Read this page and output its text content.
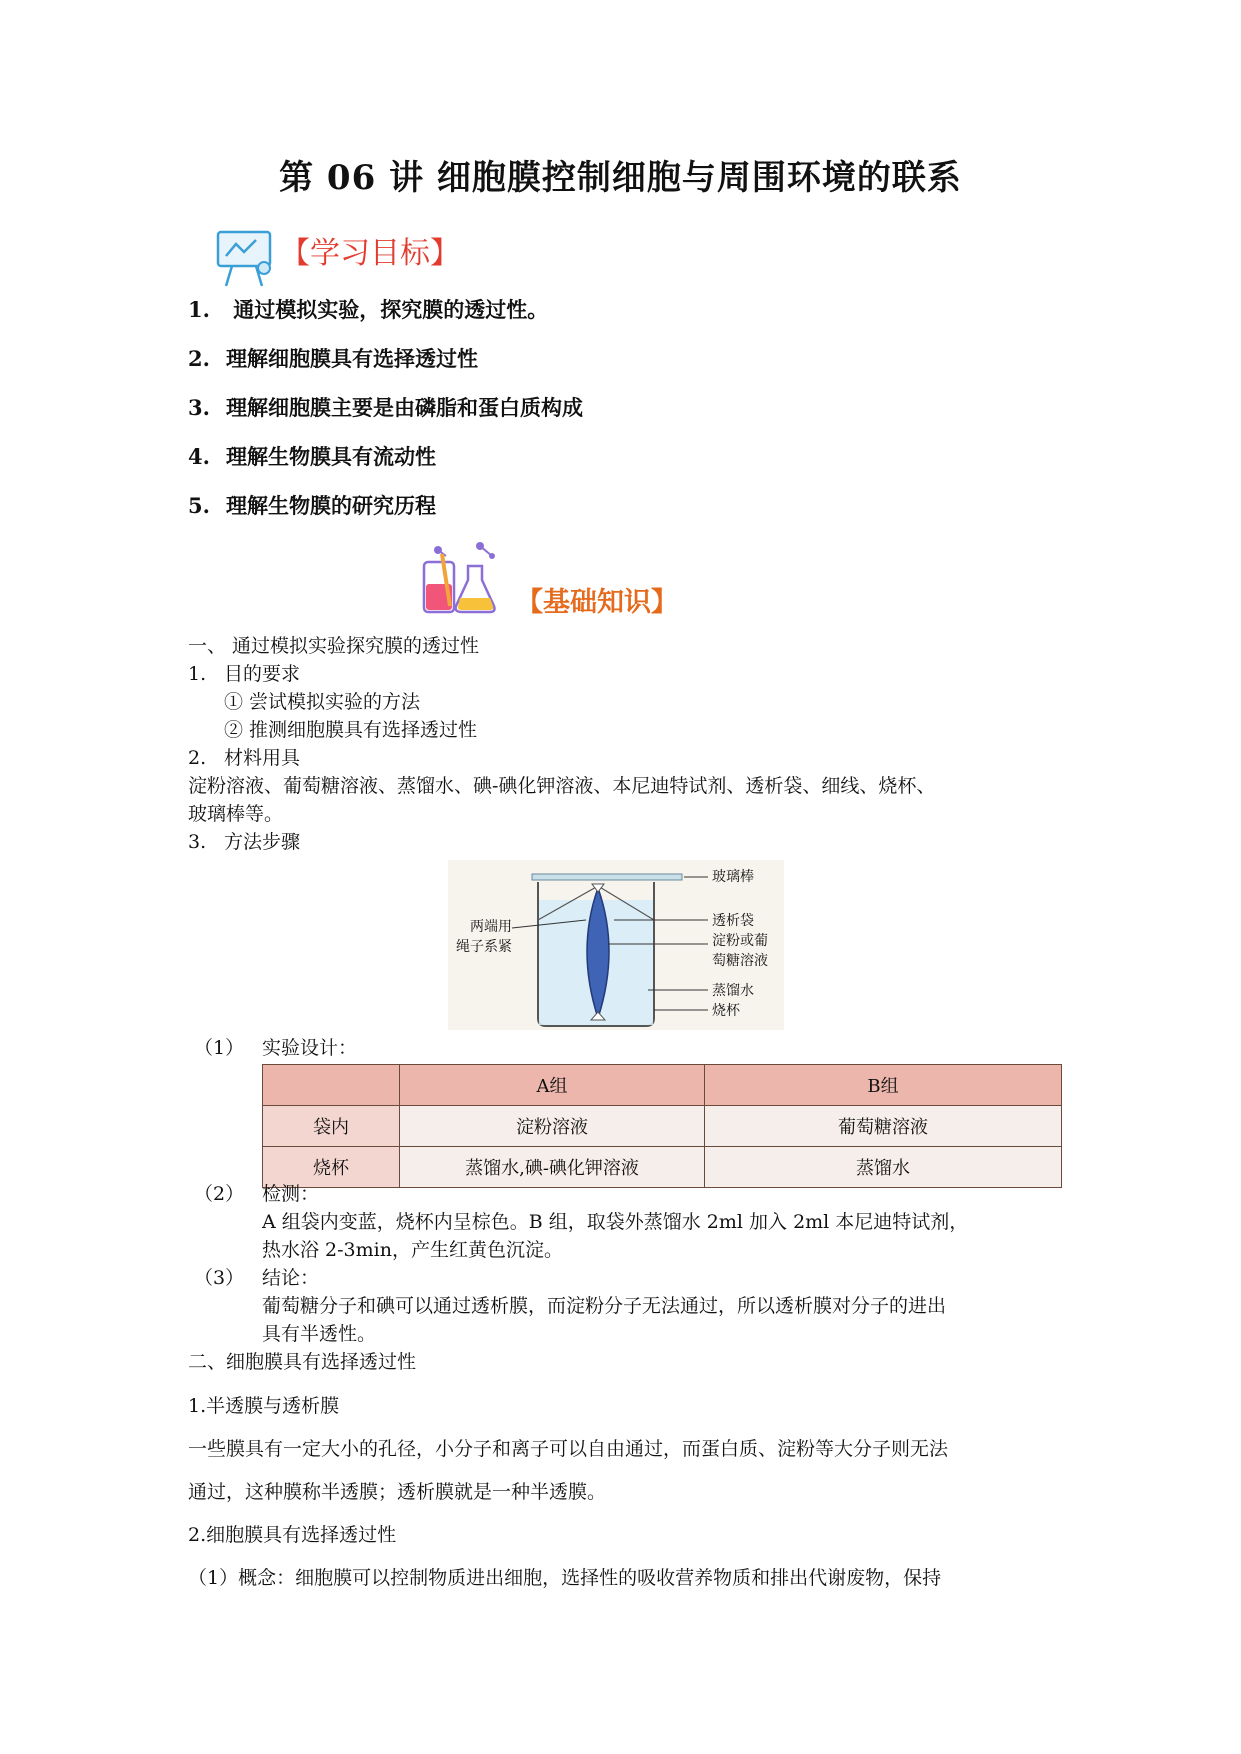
第 06 讲 细胞膜控制细胞与周围环境的联系
【学习目标】
1. 通过模拟实验，探究膜的透过性。
2. 理解细胞膜具有选择透过性
3. 理解细胞膜主要是由磷脂和蛋白质构成
4. 理解生物膜具有流动性
5. 理解生物膜的研究历程
【基础知识】
一、 通过模拟实验探究膜的透过性
1. 目的要求
① 尝试模拟实验的方法
② 推测细胞膜具有选择透过性
2. 材料用具
淀粉溶液、葡萄糖溶液、蒸馏水、碘-碘化钾溶液、本尼迪特试剂、透析袋、细线、烧杯、
玻璃棒等。
3. 方法步骤
玻璃棒
透析袋
淀粉或葡
萄糖溶液
蒸馏水
烧杯
两端用
绳子系紧
（1） 实验设计：
	A组	B组
袋内	淀粉溶液	葡萄糖溶液
烧杯	蒸馏水,碘-碘化钾溶液	蒸馏水
（2） 检测：
A 组袋内变蓝，烧杯内呈棕色。B 组，取袋外蒸馏水 2ml 加入 2ml 本尼迪特试剂，
热水浴 2-3min，产生红黄色沉淀。
（3） 结论：
葡萄糖分子和碘可以通过透析膜，而淀粉分子无法通过，所以透析膜对分子的进出
具有半透性。
二、细胞膜具有选择透过性
1.半透膜与透析膜
一些膜具有一定大小的孔径，小分子和离子可以自由通过，而蛋白质、淀粉等大分子则无法
通过，这种膜称半透膜；透析膜就是一种半透膜。
2.细胞膜具有选择透过性
（1）概念：细胞膜可以控制物质进出细胞，选择性的吸收营养物质和排出代谢废物，保持
